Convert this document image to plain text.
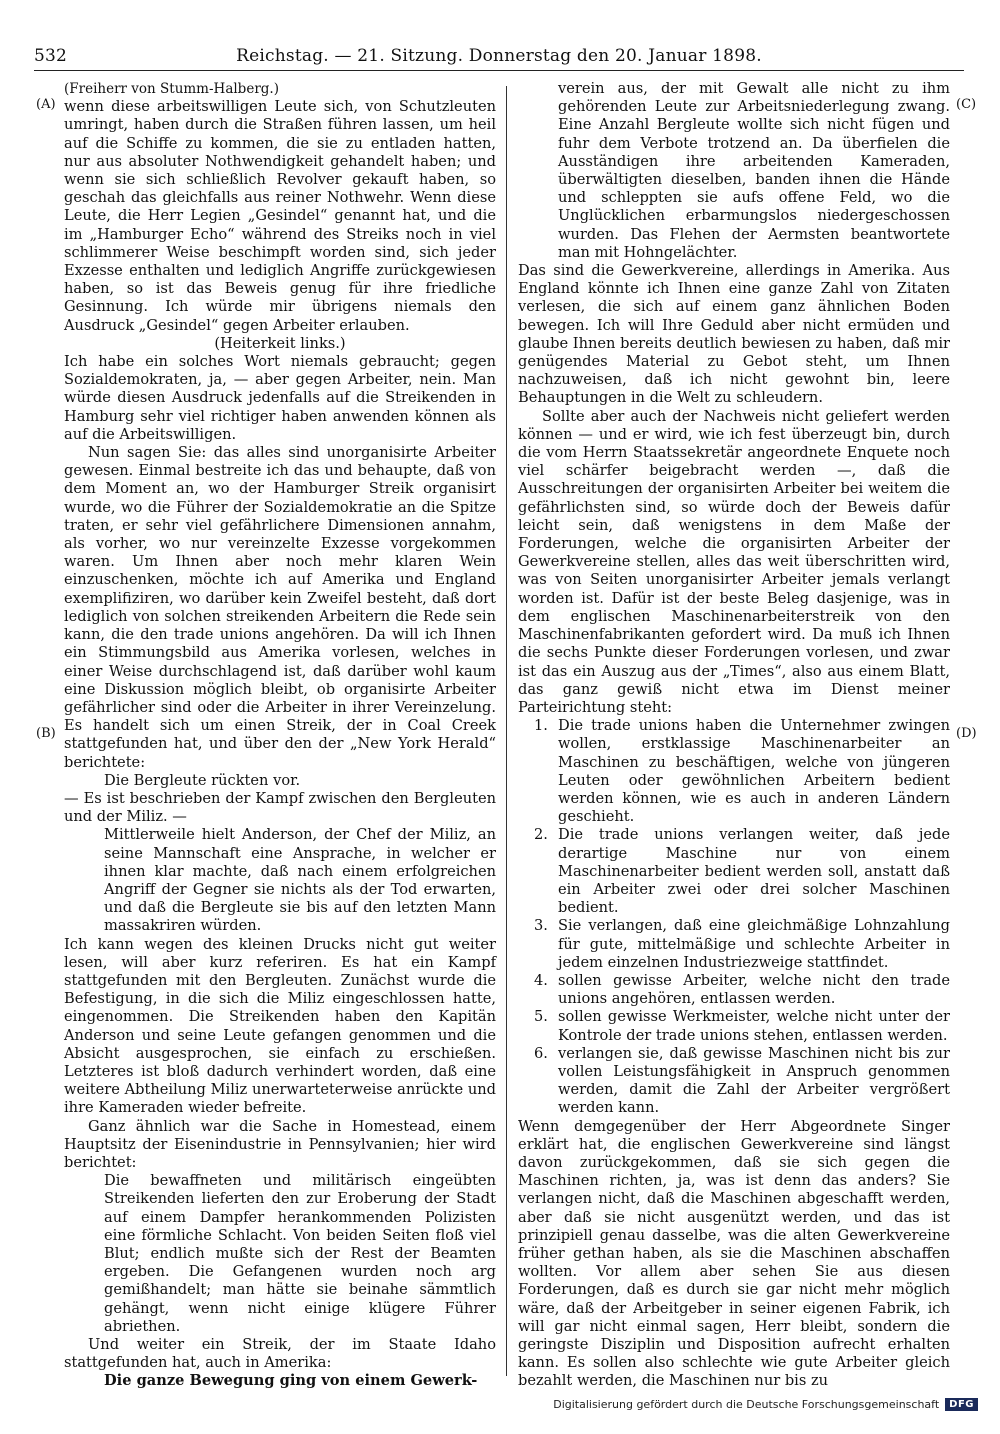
532	Reichstag. — 21. Sitzung. Donnerstag den 20. Januar 1898.
(A)
(B)
(C)
(D)

(Freiherr von Stumm-Halberg.)

wenn diese arbeitswilligen Leute sich, von Schutzleuten umringt, haben durch die Straßen führen lassen, um heil auf die Schiffe zu kommen, die sie zu entladen hatten, nur aus absoluter Nothwendigkeit gehandelt haben; und wenn sie sich schließlich Revolver gekauft haben, so geschah das gleichfalls aus reiner Nothwehr. Wenn diese Leute, die Herr Legien „Gesindel“ genannt hat, und die im „Hamburger Echo“ während des Streiks noch in viel schlimmerer Weise beschimpft worden sind, sich jeder Exzesse enthalten und lediglich Angriffe zurückgewiesen haben, so ist das Beweis genug für ihre friedliche Gesinnung. Ich würde mir übrigens niemals den Ausdruck „Gesindel“ gegen Arbeiter erlauben.

(Heiterkeit links.)

Ich habe ein solches Wort niemals gebraucht; gegen Sozialdemokraten, ja, — aber gegen Arbeiter, nein. Man würde diesen Ausdruck jedenfalls auf die Streikenden in Hamburg sehr viel richtiger haben anwenden können als auf die Arbeitswilligen.

Nun sagen Sie: das alles sind unorganisirte Arbeiter gewesen. Einmal bestreite ich das und behaupte, daß von dem Moment an, wo der Hamburger Streik organisirt wurde, wo die Führer der Sozialdemokratie an die Spitze traten, er sehr viel gefährlichere Dimensionen annahm, als vorher, wo nur vereinzelte Exzesse vorgekommen waren. Um Ihnen aber noch mehr klaren Wein einzuschenken, möchte ich auf Amerika und England exemplifiziren, wo darüber kein Zweifel besteht, daß dort lediglich von solchen streikenden Arbeitern die Rede sein kann, die den trade unions angehören. Da will ich Ihnen ein Stimmungsbild aus Amerika vorlesen, welches in einer Weise durchschlagend ist, daß darüber wohl kaum eine Diskussion möglich bleibt, ob organisirte Arbeiter gefährlicher sind oder die Arbeiter in ihrer Vereinzelung. Es handelt sich um einen Streik, der in Coal Creek stattgefunden hat, und über den der „New York Herald“ berichtete:

Die Bergleute rückten vor.

— Es ist beschrieben der Kampf zwischen den Bergleuten und der Miliz. —

Mittlerweile hielt Anderson, der Chef der Miliz, an seine Mannschaft eine Ansprache, in welcher er ihnen klar machte, daß nach einem erfolgreichen Angriff der Gegner sie nichts als der Tod erwarten, und daß die Bergleute sie bis auf den letzten Mann massakriren würden.

Ich kann wegen des kleinen Drucks nicht gut weiter lesen, will aber kurz referiren. Es hat ein Kampf stattgefunden mit den Bergleuten. Zunächst wurde die Befestigung, in die sich die Miliz eingeschlossen hatte, eingenommen. Die Streikenden haben den Kapitän Anderson und seine Leute gefangen genommen und die Absicht ausgesprochen, sie einfach zu erschießen. Letzteres ist bloß dadurch verhindert worden, daß eine weitere Abtheilung Miliz unerwarteterweise anrückte und ihre Kameraden wieder befreite.

Ganz ähnlich war die Sache in Homestead, einem Hauptsitz der Eisenindustrie in Pennsylvanien; hier wird berichtet:

Die bewaffneten und militärisch eingeübten Streikenden lieferten den zur Eroberung der Stadt auf einem Dampfer herankommenden Polizisten eine förmliche Schlacht. Von beiden Seiten floß viel Blut; endlich mußte sich der Rest der Beamten ergeben. Die Gefangenen wurden noch arg gemißhandelt; man hätte sie beinahe sämmtlich gehängt, wenn nicht einige klügere Führer abriethen.

Und weiter ein Streik, der im Staate Idaho stattgefunden hat, auch in Amerika:

Die ganze Bewegung ging von einem Gewerk-

verein aus, der mit Gewalt alle nicht zu ihm gehörenden Leute zur Arbeitsniederlegung zwang. Eine Anzahl Bergleute wollte sich nicht fügen und fuhr dem Verbote trotzend an. Da überfielen die Ausständigen ihre arbeitenden Kameraden, überwältigten dieselben, banden ihnen die Hände und schleppten sie aufs offene Feld, wo die Unglücklichen erbarmungslos niedergeschossen wurden. Das Flehen der Aermsten beantwortete man mit Hohngelächter.

Das sind die Gewerkvereine, allerdings in Amerika. Aus England könnte ich Ihnen eine ganze Zahl von Zitaten verlesen, die sich auf einem ganz ähnlichen Boden bewegen. Ich will Ihre Geduld aber nicht ermüden und glaube Ihnen bereits deutlich bewiesen zu haben, daß mir genügendes Material zu Gebot steht, um Ihnen nachzuweisen, daß ich nicht gewohnt bin, leere Behauptungen in die Welt zu schleudern.

Sollte aber auch der Nachweis nicht geliefert werden können — und er wird, wie ich fest überzeugt bin, durch die vom Herrn Staatssekretär angeordnete Enquete noch viel schärfer beigebracht werden —, daß die Ausschreitungen der organisirten Arbeiter bei weitem die gefährlichsten sind, so würde doch der Beweis dafür leicht sein, daß wenigstens in dem Maße der Forderungen, welche die organisirten Arbeiter der Gewerkvereine stellen, alles das weit überschritten wird, was von Seiten unorganisirter Arbeiter jemals verlangt worden ist. Dafür ist der beste Beleg dasjenige, was in dem englischen Maschinenarbeiterstreik von den Maschinenfabrikanten gefordert wird. Da muß ich Ihnen die sechs Punkte dieser Forderungen vorlesen, und zwar ist das ein Auszug aus der „Times“, also aus einem Blatt, das ganz gewiß nicht etwa im Dienst meiner Parteirichtung steht:

1. Die trade unions haben die Unternehmer zwingen wollen, erstklassige Maschinenarbeiter an Maschinen zu beschäftigen, welche von jüngeren Leuten oder gewöhnlichen Arbeitern bedient werden können, wie es auch in anderen Ländern geschieht.

2. Die trade unions verlangen weiter, daß jede derartige Maschine nur von einem Maschinenarbeiter bedient werden soll, anstatt daß ein Arbeiter zwei oder drei solcher Maschinen bedient.

3. Sie verlangen, daß eine gleichmäßige Lohnzahlung für gute, mittelmäßige und schlechte Arbeiter in jedem einzelnen Industriezweige stattfindet.

4. sollen gewisse Arbeiter, welche nicht den trade unions angehören, entlassen werden.

5. sollen gewisse Werkmeister, welche nicht unter der Kontrole der trade unions stehen, entlassen werden.

6. verlangen sie, daß gewisse Maschinen nicht bis zur vollen Leistungsfähigkeit in Anspruch genommen werden, damit die Zahl der Arbeiter vergrößert werden kann.

Wenn demgegenüber der Herr Abgeordnete Singer erklärt hat, die englischen Gewerkvereine sind längst davon zurückgekommen, daß sie sich gegen die Maschinen richten, ja, was ist denn das anders? Sie verlangen nicht, daß die Maschinen abgeschafft werden, aber daß sie nicht ausgenützt werden, und das ist prinzipiell genau dasselbe, was die alten Gewerkvereine früher gethan haben, als sie die Maschinen abschaffen wollten. Vor allem aber sehen Sie aus diesen Forderungen, daß es durch sie gar nicht mehr möglich wäre, daß der Arbeitgeber in seiner eigenen Fabrik, ich will gar nicht einmal sagen, Herr bleibt, sondern die geringste Disziplin und Disposition aufrecht erhalten kann. Es sollen also schlechte wie gute Arbeiter gleich bezahlt werden, die Maschinen nur bis zu

Digitalisierung gefördert durch die Deutsche Forschungsgemeinschaft	DFG
